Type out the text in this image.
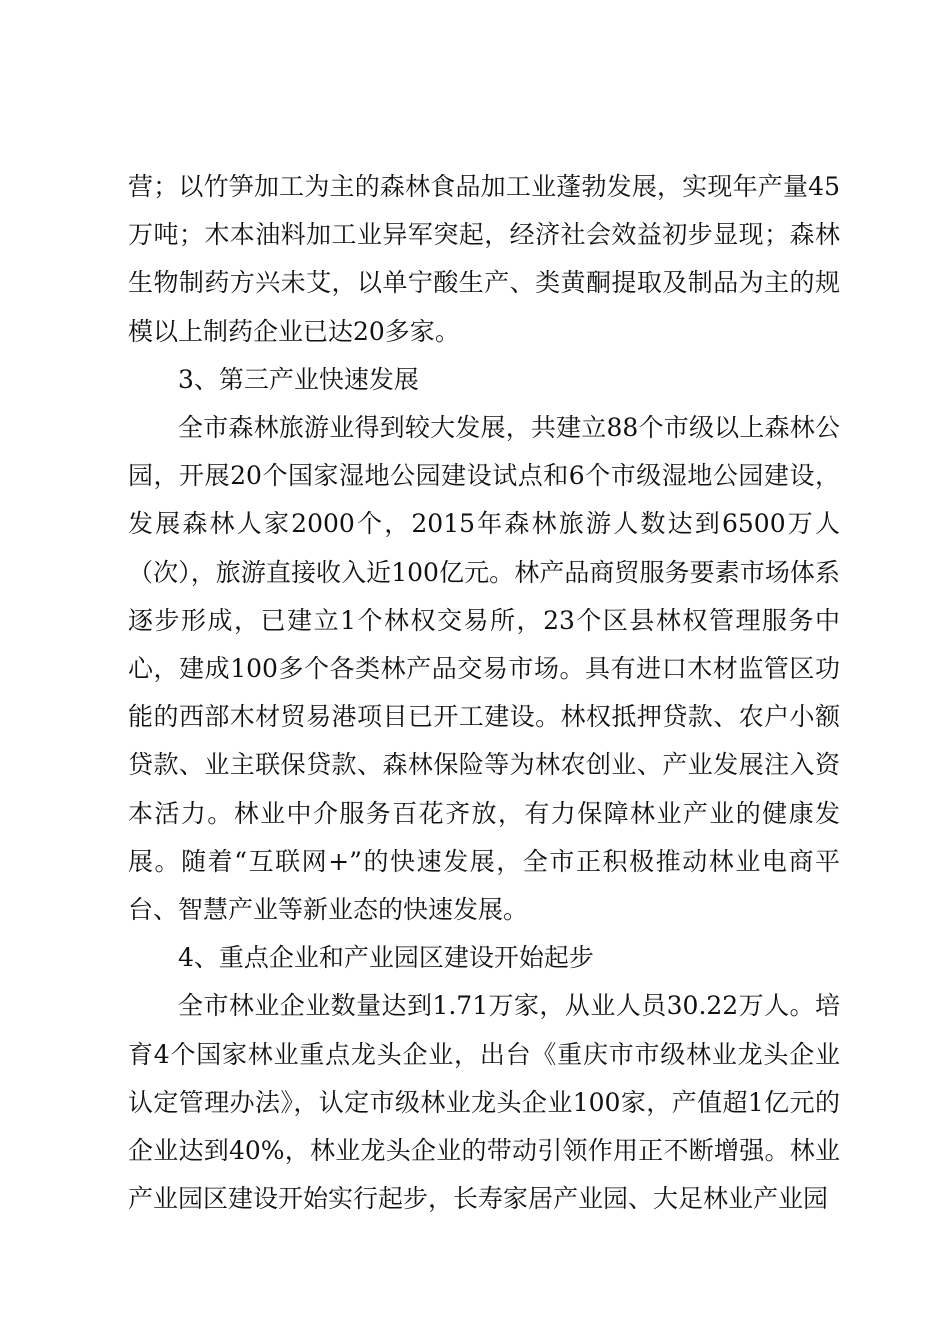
营；以竹笋加工为主的森林食品加工业蓬勃发展，实现年产量45万吨；木本油料加工业异军突起，经济社会效益初步显现；森林生物制药方兴未艾，以单宁酸生产、类黄酮提取及制品为主的规模以上制药企业已达20多家。

3、第三产业快速发展

全市森林旅游业得到较大发展，共建立88个市级以上森林公园，开展20个国家湿地公园建设试点和6个市级湿地公园建设，发展森林人家2000个，2015年森林旅游人数达到6500万人（次），旅游直接收入近100亿元。林产品商贸服务要素市场体系逐步形成，已建立1个林权交易所，23个区县林权管理服务中心，建成100多个各类林产品交易市场。具有进口木材监管区功能的西部木材贸易港项目已开工建设。林权抵押贷款、农户小额贷款、业主联保贷款、森林保险等为林农创业、产业发展注入资本活力。林业中介服务百花齐放，有力保障林业产业的健康发展。随着“互联网+”的快速发展，全市正积极推动林业电商平台、智慧产业等新业态的快速发展。

4、重点企业和产业园区建设开始起步

全市林业企业数量达到1.71万家，从业人员30.22万人。培育4个国家林业重点龙头企业，出台《重庆市市级林业龙头企业认定管理办法》，认定市级林业龙头企业100家，产值超1亿元的企业达到40%，林业龙头企业的带动引领作用正不断增强。林业产业园区建设开始实行起步，长寿家居产业园、大足林业产业园
